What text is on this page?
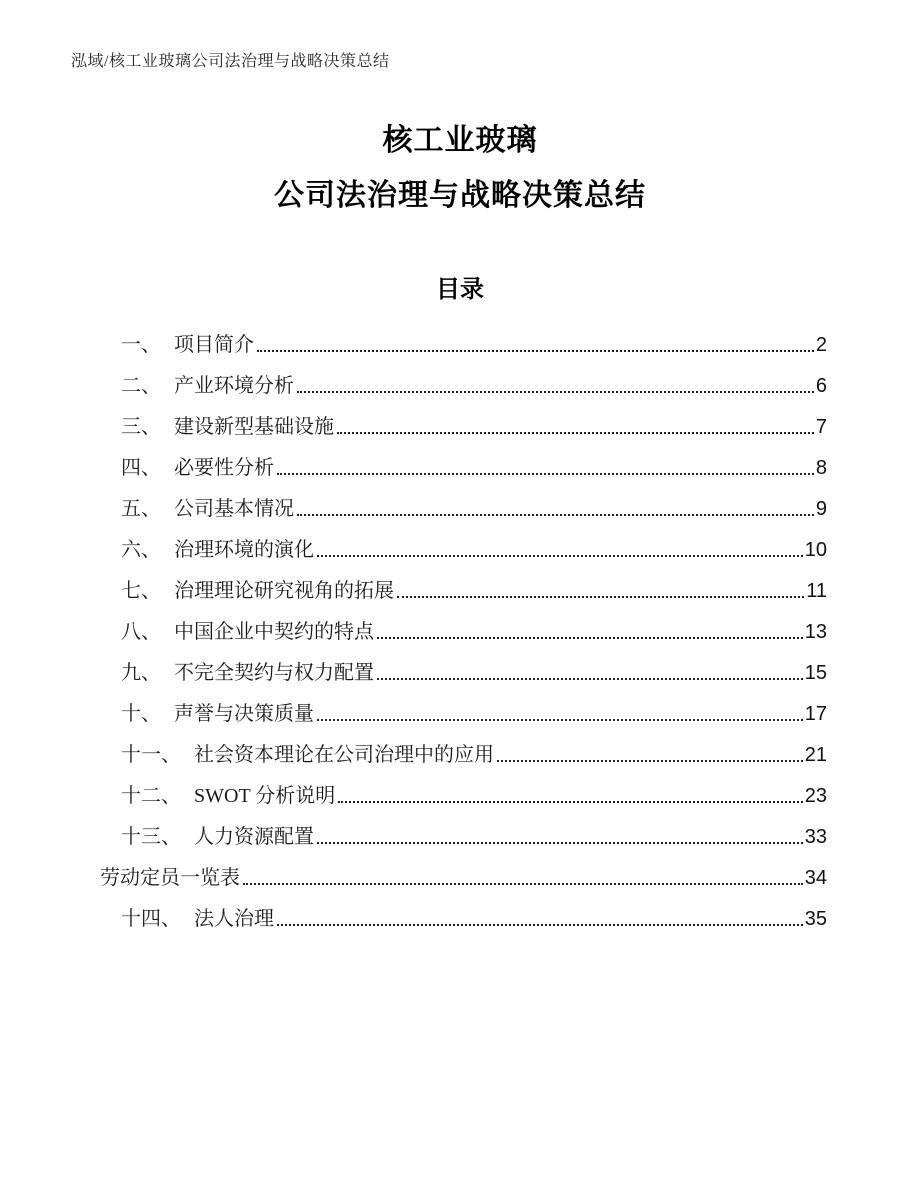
泓域/核工业玻璃公司法治理与战略决策总结
核工业玻璃
公司法治理与战略决策总结
目录
一、 项目简介	2
二、 产业环境分析	6
三、 建设新型基础设施	7
四、 必要性分析	8
五、 公司基本情况	9
六、 治理环境的演化	10
七、 治理理论研究视角的拓展	11
八、 中国企业中契约的特点	13
九、 不完全契约与权力配置	15
十、 声誉与决策质量	17
十一、 社会资本理论在公司治理中的应用	21
十二、 SWOT 分析说明	23
十三、 人力资源配置	33
劳动定员一览表	34
十四、 法人治理	35
